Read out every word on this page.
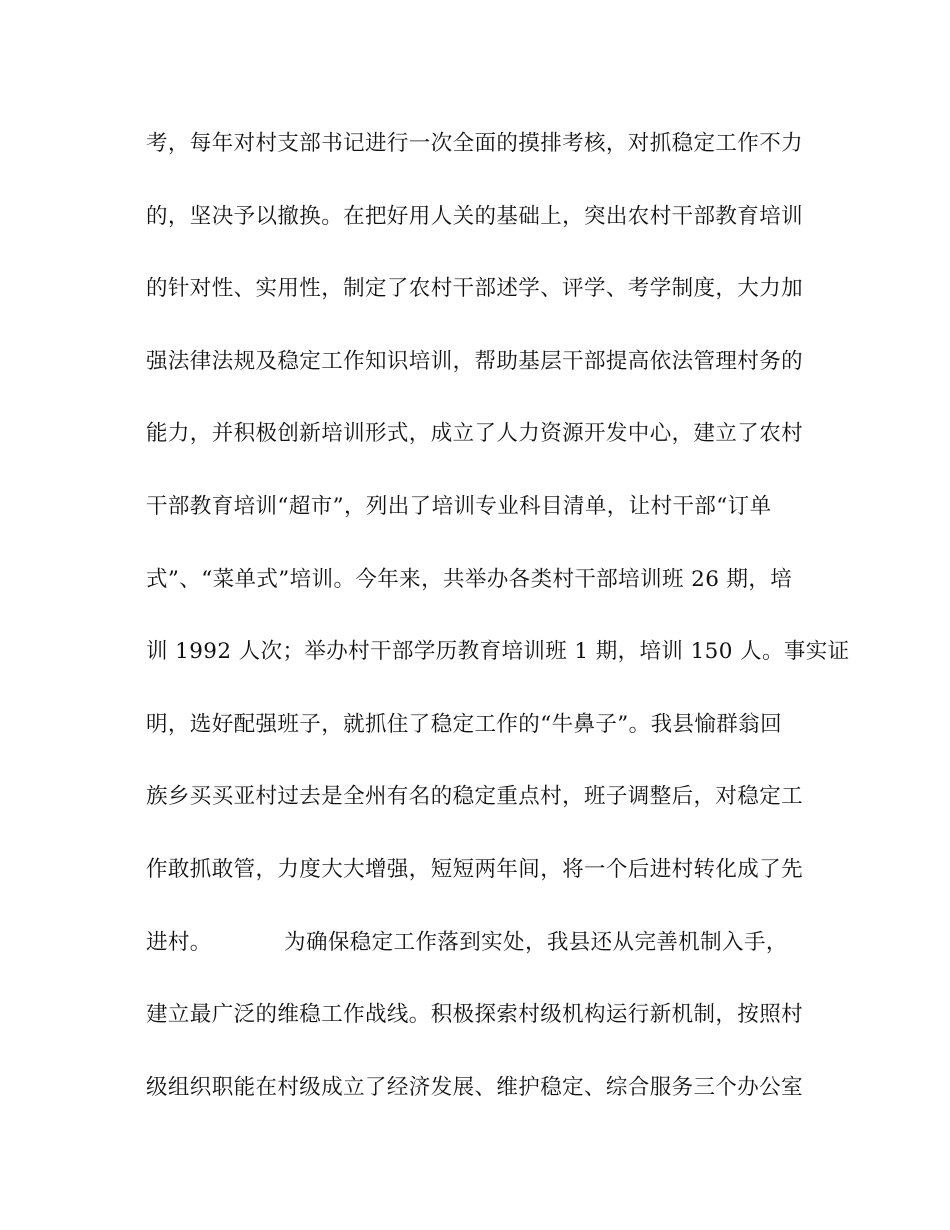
考，每年对村支部书记进行一次全面的摸排考核，对抓稳定工作不力
的，坚决予以撤换。在把好用人关的基础上，突出农村干部教育培训
的针对性、实用性，制定了农村干部述学、评学、考学制度，大力加
强法律法规及稳定工作知识培训，帮助基层干部提高依法管理村务的
能力，并积极创新培训形式，成立了人力资源开发中心，建立了农村
干部教育培训“超市”，列出了培训专业科目清单，让村干部“订单
式”、“菜单式”培训。今年来，共举办各类村干部培训班 26 期，培
训 1992 人次；举办村干部学历教育培训班 1 期，培训 150 人。事实证
明，选好配强班子，就抓住了稳定工作的“牛鼻子”。我县愉群翁回
族乡买买亚村过去是全州有名的稳定重点村，班子调整后，对稳定工
作敢抓敢管，力度大大增强，短短两年间，将一个后进村转化成了先
进村。          为确保稳定工作落到实处，我县还从完善机制入手，
建立最广泛的维稳工作战线。积极探索村级机构运行新机制，按照村
级组织职能在村级成立了经济发展、维护稳定、综合服务三个办公室
